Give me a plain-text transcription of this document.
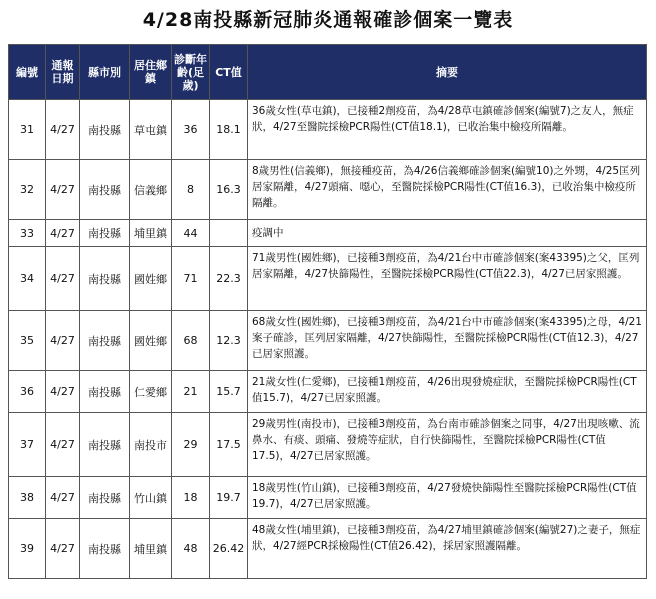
4/28南投縣新冠肺炎通報確診個案一覽表
編號	通報日期	縣市別	居住鄉鎮	診斷年齡(足歲)	CT值	摘要
31	4/27	南投縣	草屯鎮	36	18.1	36歲女性(草屯鎮)，已接種2劑疫苗，為4/28草屯鎮確診個案(編號7)之友人，無症狀，4/27至醫院採檢PCR陽性(CT值18.1)，已收治集中檢疫所隔離。
32	4/27	南投縣	信義鄉	8	16.3	8歲男性(信義鄉)，無接種疫苗，為4/26信義鄉確診個案(編號10)之外甥，4/25匡列居家隔離，4/27頭痛、噁心，至醫院採檢PCR陽性(CT值16.3)，已收治集中檢疫所隔離。
33	4/27	南投縣	埔里鎮	44		疫調中
34	4/27	南投縣	國姓鄉	71	22.3	71歲男性(國姓鄉)，已接種3劑疫苗，為4/21台中市確診個案(案43395)之父，匡列居家隔離，4/27快篩陽性，至醫院採檢PCR陽性(CT值22.3)，4/27已居家照護。
35	4/27	南投縣	國姓鄉	68	12.3	68歲女性(國姓鄉)，已接種3劑疫苗，為4/21台中市確診個案(案43395)之母，4/21案子確診，匡列居家隔離，4/27快篩陽性，至醫院採檢PCR陽性(CT值12.3)，4/27已居家照護。
36	4/27	南投縣	仁愛鄉	21	15.7	21歲女性(仁愛鄉)，已接種1劑疫苗，4/26出現發燒症狀，至醫院採檢PCR陽性(CT值15.7)，4/27已居家照護。
37	4/27	南投縣	南投市	29	17.5	29歲男性(南投市)，已接種3劑疫苗，為台南市確診個案之同事，4/27出現咳嗽、流鼻水、有痰、頭痛、發燒等症狀，自行快篩陽性，至醫院採檢PCR陽性(CT值17.5)，4/27已居家照護。
38	4/27	南投縣	竹山鎮	18	19.7	18歲男性(竹山鎮)，已接種3劑疫苗，4/27發燒快篩陽性至醫院採檢PCR陽性(CT值19.7)，4/27已居家照護。
39	4/27	南投縣	埔里鎮	48	26.42	48歲女性(埔里鎮)，已接種3劑疫苗，為4/27埔里鎮確診個案(編號27)之妻子，無症狀，4/27經PCR採檢陽性(CT值26.42)，採居家照護隔離。
